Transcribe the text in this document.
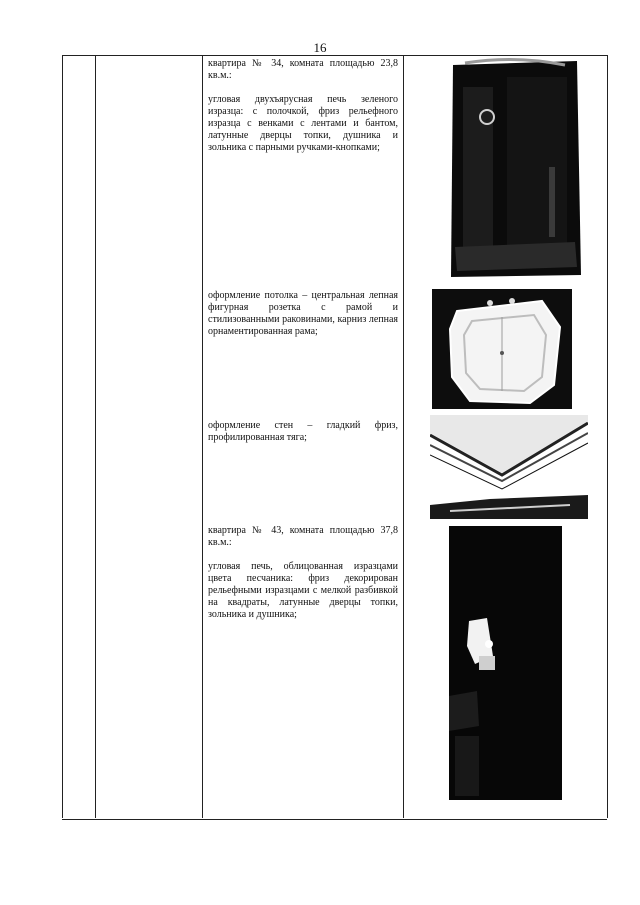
16

квартира № 34, комната площадью 23,8 кв.м.:

угловая двухъярусная печь зеленого изразца: с полочкой, фриз рельефного изразца с венками с лентами и бантом, латунные дверцы топки, душника и зольника с парными ручками-кнопками;

оформление потолка – центральная лепная фигурная розетка с рамой и стилизованными раковинами, карниз лепная орнаментированная рама;

оформление стен – гладкий фриз, профилированная тяга;

квартира № 43, комната площадью 37,8 кв.м.:

угловая печь, облицованная изразцами цвета песчаника: фриз декорирован рельефными изразцами с мелкой разбивкой на квадраты, латунные дверцы топки, зольника и душника;
